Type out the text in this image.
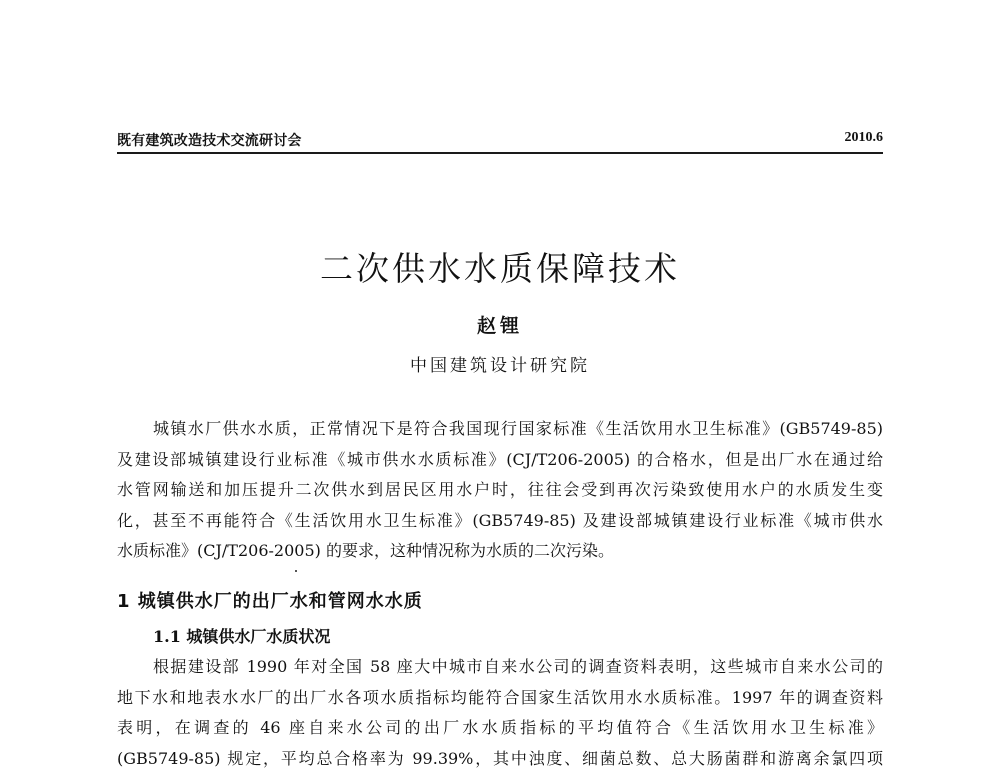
既有建筑改造技术交流研讨会	2010.6
二次供水水质保障技术
赵锂
中国建筑设计研究院
城镇水厂供水水质，正常情况下是符合我国现行国家标准《生活饮用水卫生标准》(GB5749-85)
及建设部城镇建设行业标准《城市供水水质标准》(CJ/T206-2005) 的合格水，但是出厂水在通过给
水管网输送和加压提升二次供水到居民区用水户时，往往会受到再次污染致使用水户的水质发生变
化，甚至不再能符合《生活饮用水卫生标准》(GB5749-85) 及建设部城镇建设行业标准《城市供水
水质标准》(CJ/T206-2005) 的要求，这种情况称为水质的二次污染。
1 城镇供水厂的出厂水和管网水水质
1.1 城镇供水厂水质状况
根据建设部 1990 年对全国 58 座大中城市自来水公司的调查资料表明，这些城市自来水公司的
地下水和地表水水厂的出厂水各项水质指标均能符合国家生活饮用水水质标准。1997 年的调查资料
表明，在调查的 46 座自来水公司的出厂水水质指标的平均值符合《生活饮用水卫生标准》
(GB5749-85) 规定，平均总合格率为 99.39%，其中浊度、细菌总数、总大肠菌群和游离余氯四项
